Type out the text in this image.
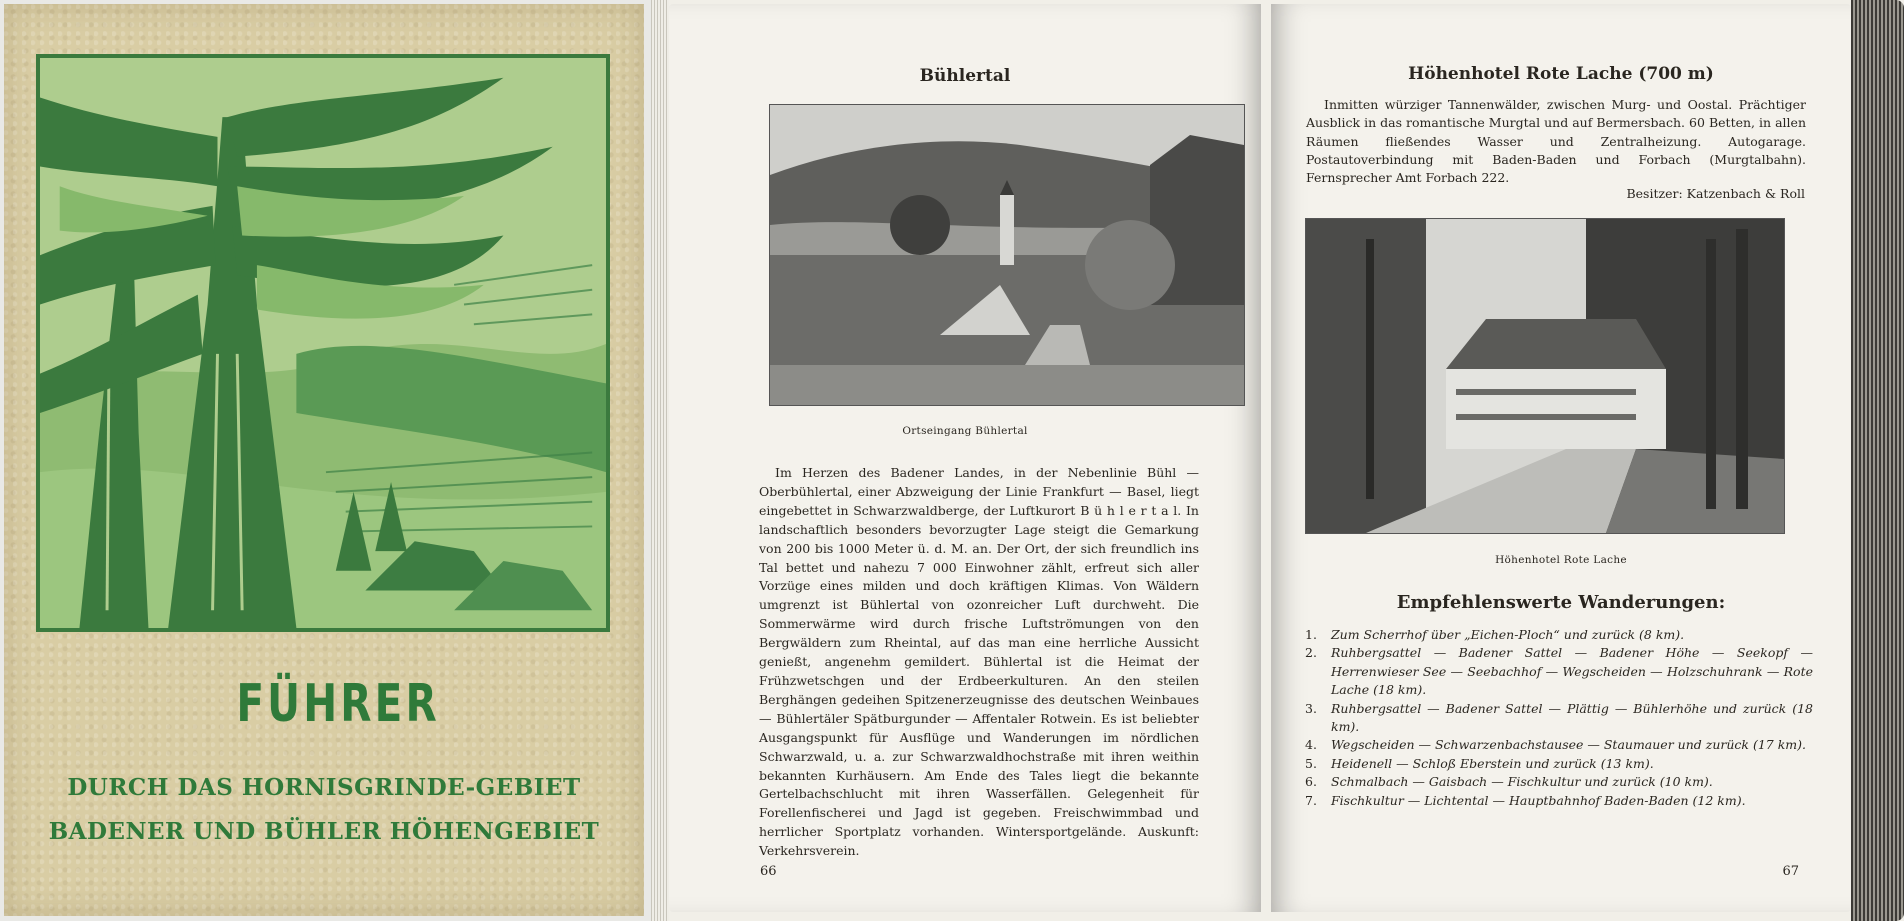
FÜHRER
DURCH DAS HORNISGRINDE-GEBIET
BADENER UND BÜHLER HÖHENGEBIET
Bühlertal
Ortseingang Bühlertal
Im Herzen des Badener Landes, in der Nebenlinie Bühl — Oberbühlertal, einer Abzweigung der Linie Frankfurt — Basel, liegt eingebettet in Schwarzwaldberge, der Luftkurort B ü h l e r t a l. In landschaftlich besonders bevorzugter Lage steigt die Gemarkung von 200 bis 1000 Meter ü. d. M. an. Der Ort, der sich freundlich ins Tal bettet und nahezu 7 000 Einwohner zählt, erfreut sich aller Vorzüge eines milden und doch kräftigen Klimas. Von Wäldern umgrenzt ist Bühlertal von ozonreicher Luft durchweht. Die Sommerwärme wird durch frische Luftströmungen von den Bergwäldern zum Rheintal, auf das man eine herrliche Aussicht genießt, angenehm gemildert. Bühlertal ist die Heimat der Frühzwetschgen und der Erdbeerkulturen. An den steilen Berghängen gedeihen Spitzenerzeugnisse des deutschen Weinbaues — Bühlertäler Spätburgunder — Affentaler Rotwein. Es ist beliebter Ausgangspunkt für Ausflüge und Wanderungen im nördlichen Schwarzwald, u. a. zur Schwarzwaldhochstraße mit ihren weithin bekannten Kurhäusern. Am Ende des Tales liegt die bekannte Gertelbachschlucht mit ihren Wasserfällen. Gelegenheit für Forellenfischerei und Jagd ist gegeben. Freischwimmbad und herrlicher Sportplatz vorhanden. Wintersportgelände. Auskunft: Verkehrsverein.
66
Höhenhotel Rote Lache (700 m)
Inmitten würziger Tannenwälder, zwischen Murg- und Oostal. Prächtiger Ausblick in das romantische Murgtal und auf Bermersbach. 60 Betten, in allen Räumen fließendes Wasser und Zentralheizung. Autogarage. Postautoverbindung mit Baden-Baden und Forbach (Murgtalbahn). Fernsprecher Amt Forbach 222.
Besitzer: Katzenbach & Roll
Höhenhotel Rote Lache
Empfehlenswerte Wanderungen:
1. Zum Scherrhof über „Eichen-Ploch“ und zurück (8 km).
2. Ruhbergsattel — Badener Sattel — Badener Höhe — Seekopf — Herrenwieser See — Seebachhof — Wegscheiden — Holzschuhrank — Rote Lache (18 km).
3. Ruhbergsattel — Badener Sattel — Plättig — Bühlerhöhe und zurück (18 km).
4. Wegscheiden — Schwarzenbachstausee — Staumauer und zurück (17 km).
5. Heidenell — Schloß Eberstein und zurück (13 km).
6. Schmalbach — Gaisbach — Fischkultur und zurück (10 km).
7. Fischkultur — Lichtental — Hauptbahnhof Baden-Baden (12 km).
67
